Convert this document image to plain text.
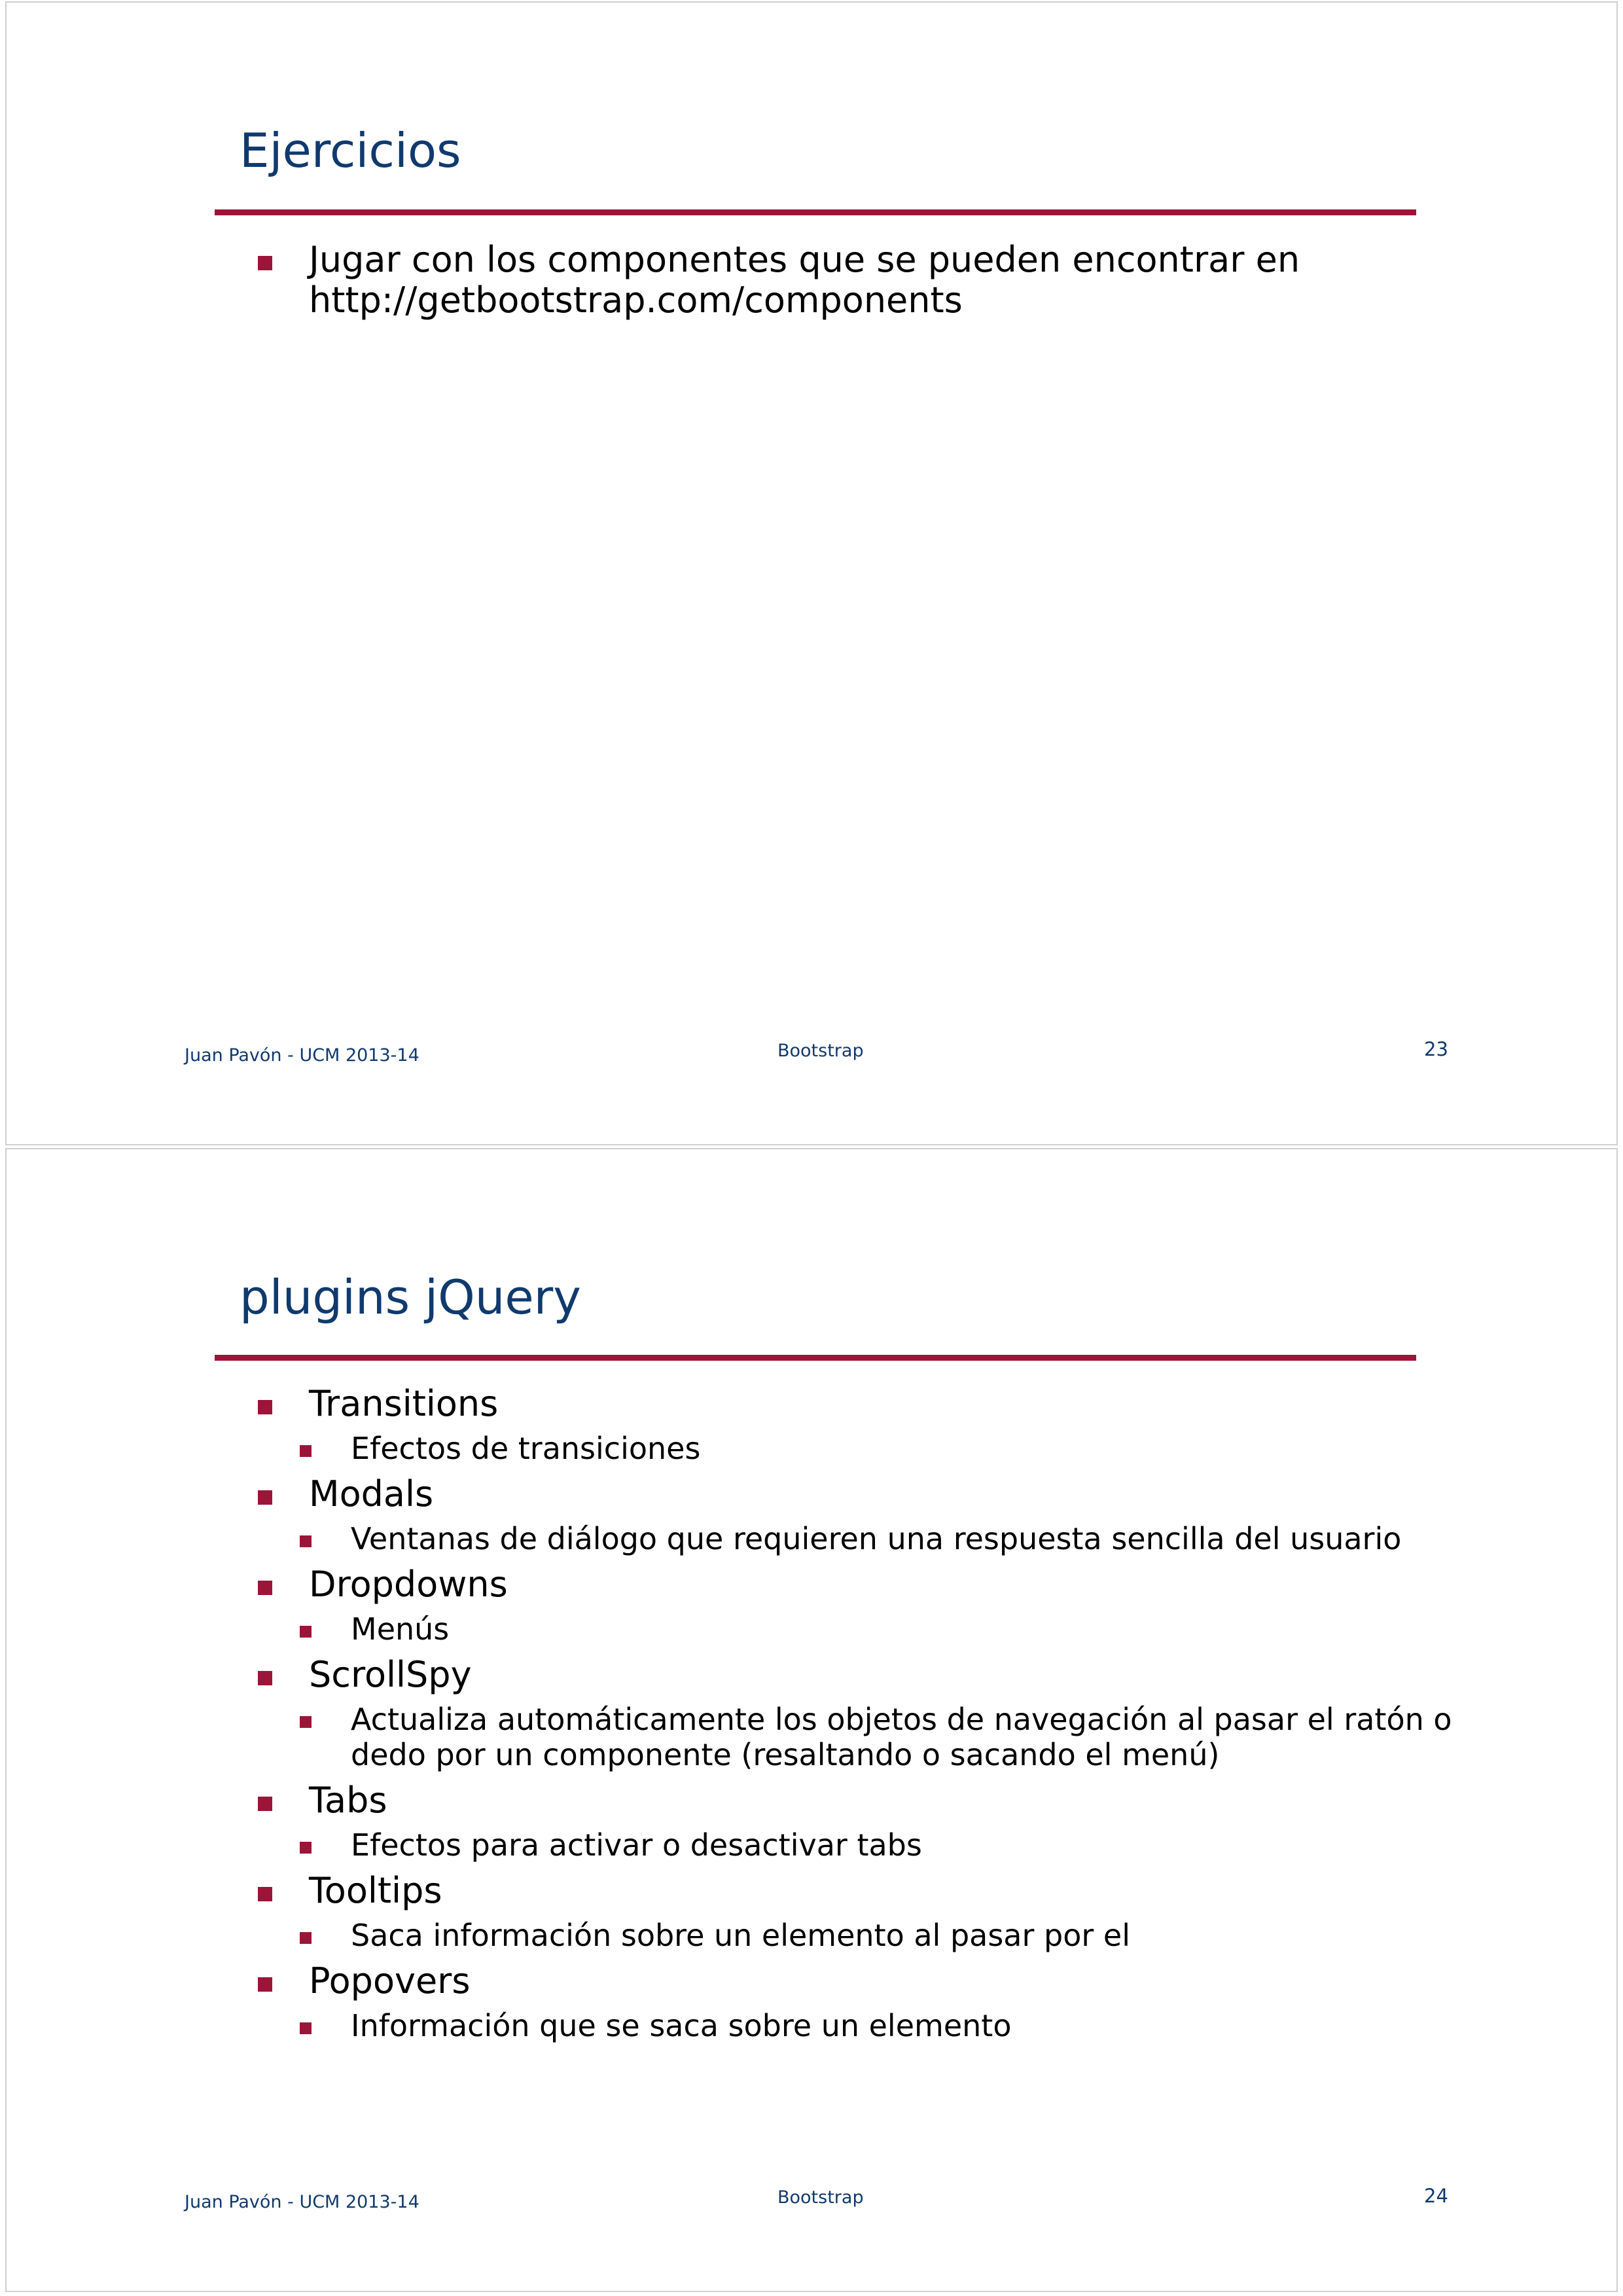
Ejercicios
Jugar con los componentes que se pueden encontrar en http://getbootstrap.com/components
Juan Pavón - UCM 2013-14	Bootstrap	23
plugins jQuery
Transitions
Efectos de transiciones
Modals
Ventanas de diálogo que requieren una respuesta sencilla del usuario
Dropdowns
Menús
ScrollSpy
Actualiza automáticamente los objetos de navegación al pasar el ratón o dedo por un componente (resaltando o sacando el menú)
Tabs
Efectos para activar o desactivar tabs
Tooltips
Saca información sobre un elemento al pasar por el
Popovers
Información que se saca sobre un elemento
Juan Pavón - UCM 2013-14	Bootstrap	24
